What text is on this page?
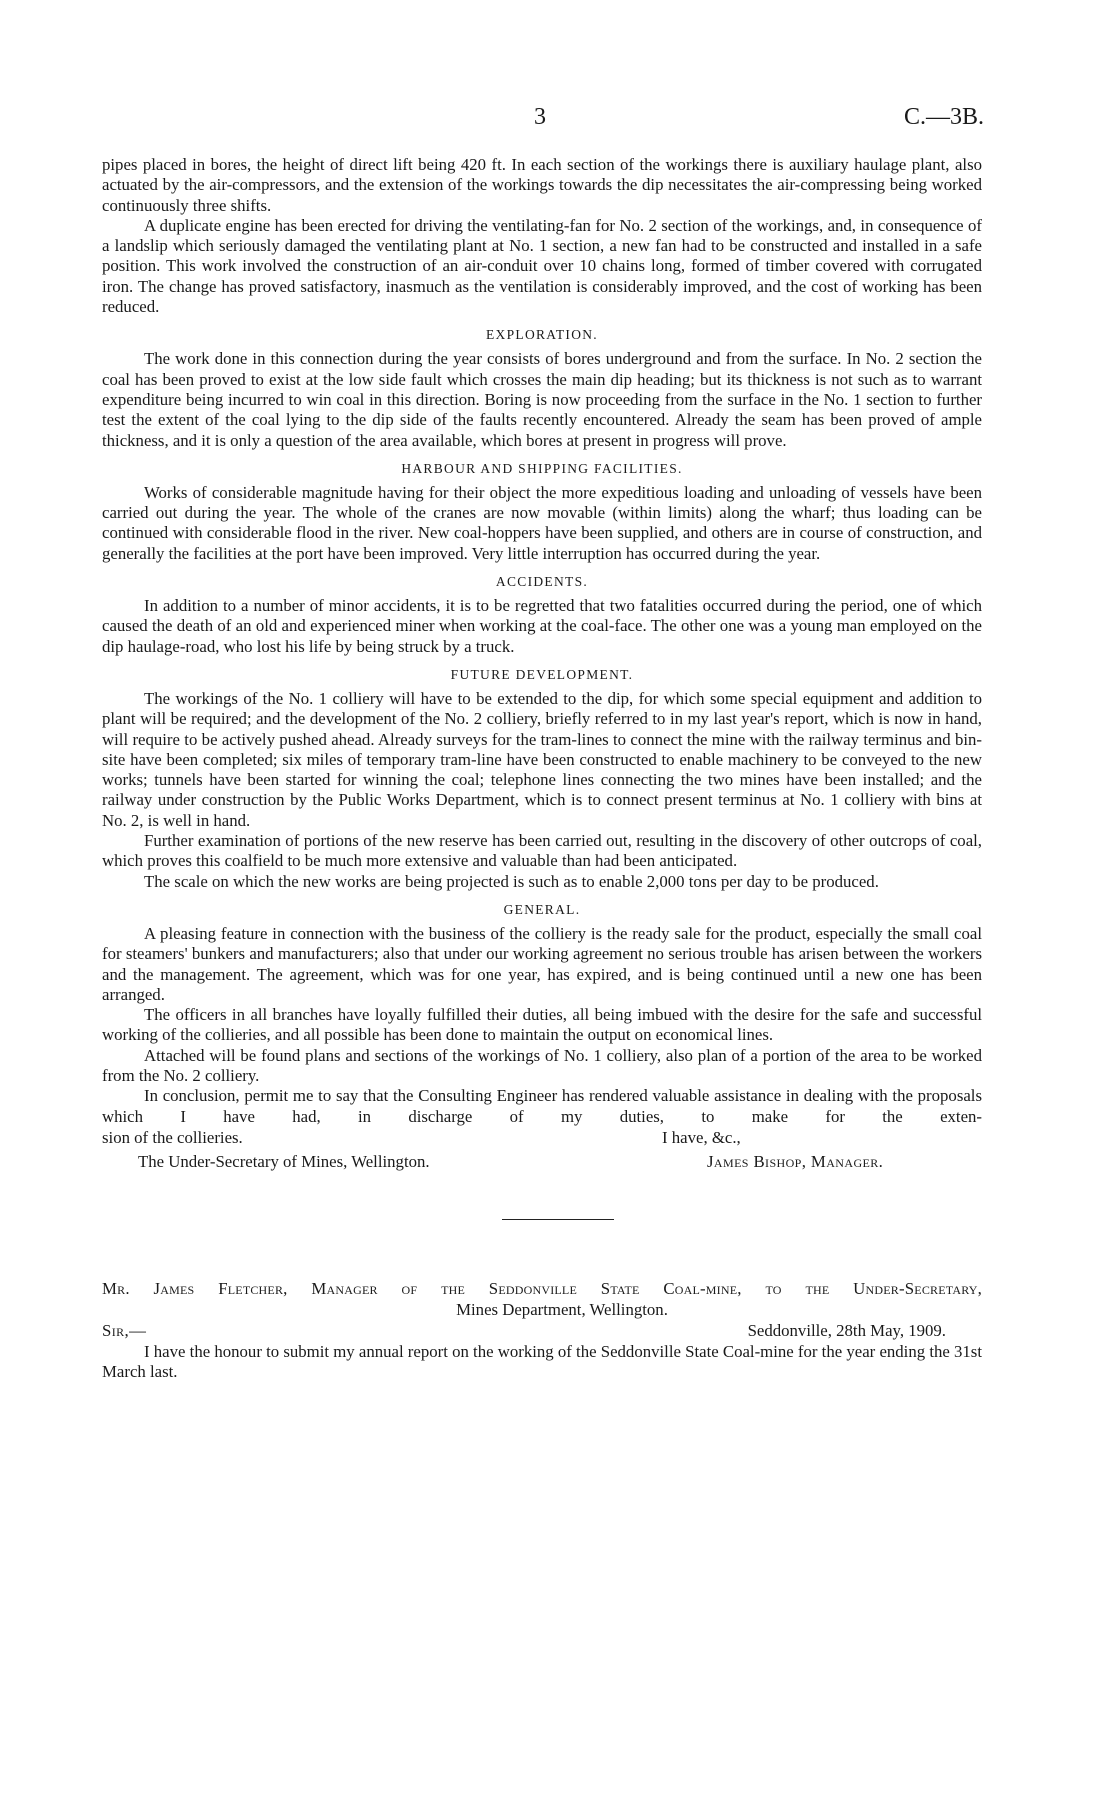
3	C.—3B.

pipes placed in bores, the height of direct lift being 420 ft. In each section of the workings there is auxiliary haulage plant, also actuated by the air-compressors, and the extension of the workings towards the dip necessitates the air-compressing being worked continuously three shifts.

A duplicate engine has been erected for driving the ventilating-fan for No. 2 section of the workings, and, in consequence of a landslip which seriously damaged the ventilating plant at No. 1 section, a new fan had to be constructed and installed in a safe position. This work involved the construction of an air-conduit over 10 chains long, formed of timber covered with corrugated iron. The change has proved satisfactory, inasmuch as the ventilation is considerably improved, and the cost of working has been reduced.

EXPLORATION.

The work done in this connection during the year consists of bores underground and from the surface. In No. 2 section the coal has been proved to exist at the low side fault which crosses the main dip heading; but its thickness is not such as to warrant expenditure being incurred to win coal in this direction. Boring is now proceeding from the surface in the No. 1 section to further test the extent of the coal lying to the dip side of the faults recently encountered. Already the seam has been proved of ample thickness, and it is only a question of the area available, which bores at present in progress will prove.

HARBOUR AND SHIPPING FACILITIES.

Works of considerable magnitude having for their object the more expeditious loading and unloading of vessels have been carried out during the year. The whole of the cranes are now movable (within limits) along the wharf; thus loading can be continued with considerable flood in the river. New coal-hoppers have been supplied, and others are in course of construction, and generally the facilities at the port have been improved. Very little interruption has occurred during the year.

ACCIDENTS.

In addition to a number of minor accidents, it is to be regretted that two fatalities occurred during the period, one of which caused the death of an old and experienced miner when working at the coal-face. The other one was a young man employed on the dip haulage-road, who lost his life by being struck by a truck.

FUTURE DEVELOPMENT.

The workings of the No. 1 colliery will have to be extended to the dip, for which some special equipment and addition to plant will be required; and the development of the No. 2 colliery, briefly referred to in my last year's report, which is now in hand, will require to be actively pushed ahead. Already surveys for the tram-lines to connect the mine with the railway terminus and bin-site have been completed; six miles of temporary tram-line have been constructed to enable machinery to be conveyed to the new works; tunnels have been started for winning the coal; telephone lines connecting the two mines have been installed; and the railway under construction by the Public Works Department, which is to connect present terminus at No. 1 colliery with bins at No. 2, is well in hand.

Further examination of portions of the new reserve has been carried out, resulting in the discovery of other outcrops of coal, which proves this coalfield to be much more extensive and valuable than had been anticipated.

The scale on which the new works are being projected is such as to enable 2,000 tons per day to be produced.

GENERAL.

A pleasing feature in connection with the business of the colliery is the ready sale for the product, especially the small coal for steamers' bunkers and manufacturers; also that under our working agreement no serious trouble has arisen between the workers and the management. The agreement, which was for one year, has expired, and is being continued until a new one has been arranged.

The officers in all branches have loyally fulfilled their duties, all being imbued with the desire for the safe and successful working of the collieries, and all possible has been done to maintain the output on economical lines.

Attached will be found plans and sections of the workings of No. 1 colliery, also plan of a portion of the area to be worked from the No. 2 colliery.

In conclusion, permit me to say that the Consulting Engineer has rendered valuable assistance in dealing with the proposals which I have had, in discharge of my duties, to make for the exten-

sion of the collieries.	I have, &c.,
The Under-Secretary of Mines, Wellington.	James Bishop, Manager.
Mr. James Fletcher, Manager of the Seddonville State Coal-mine, to the Under-Secretary,
Mines Department, Wellington.
Sir,—	Seddonville, 28th May, 1909.

I have the honour to submit my annual report on the working of the Seddonville State Coal-mine for the year ending the 31st March last.
